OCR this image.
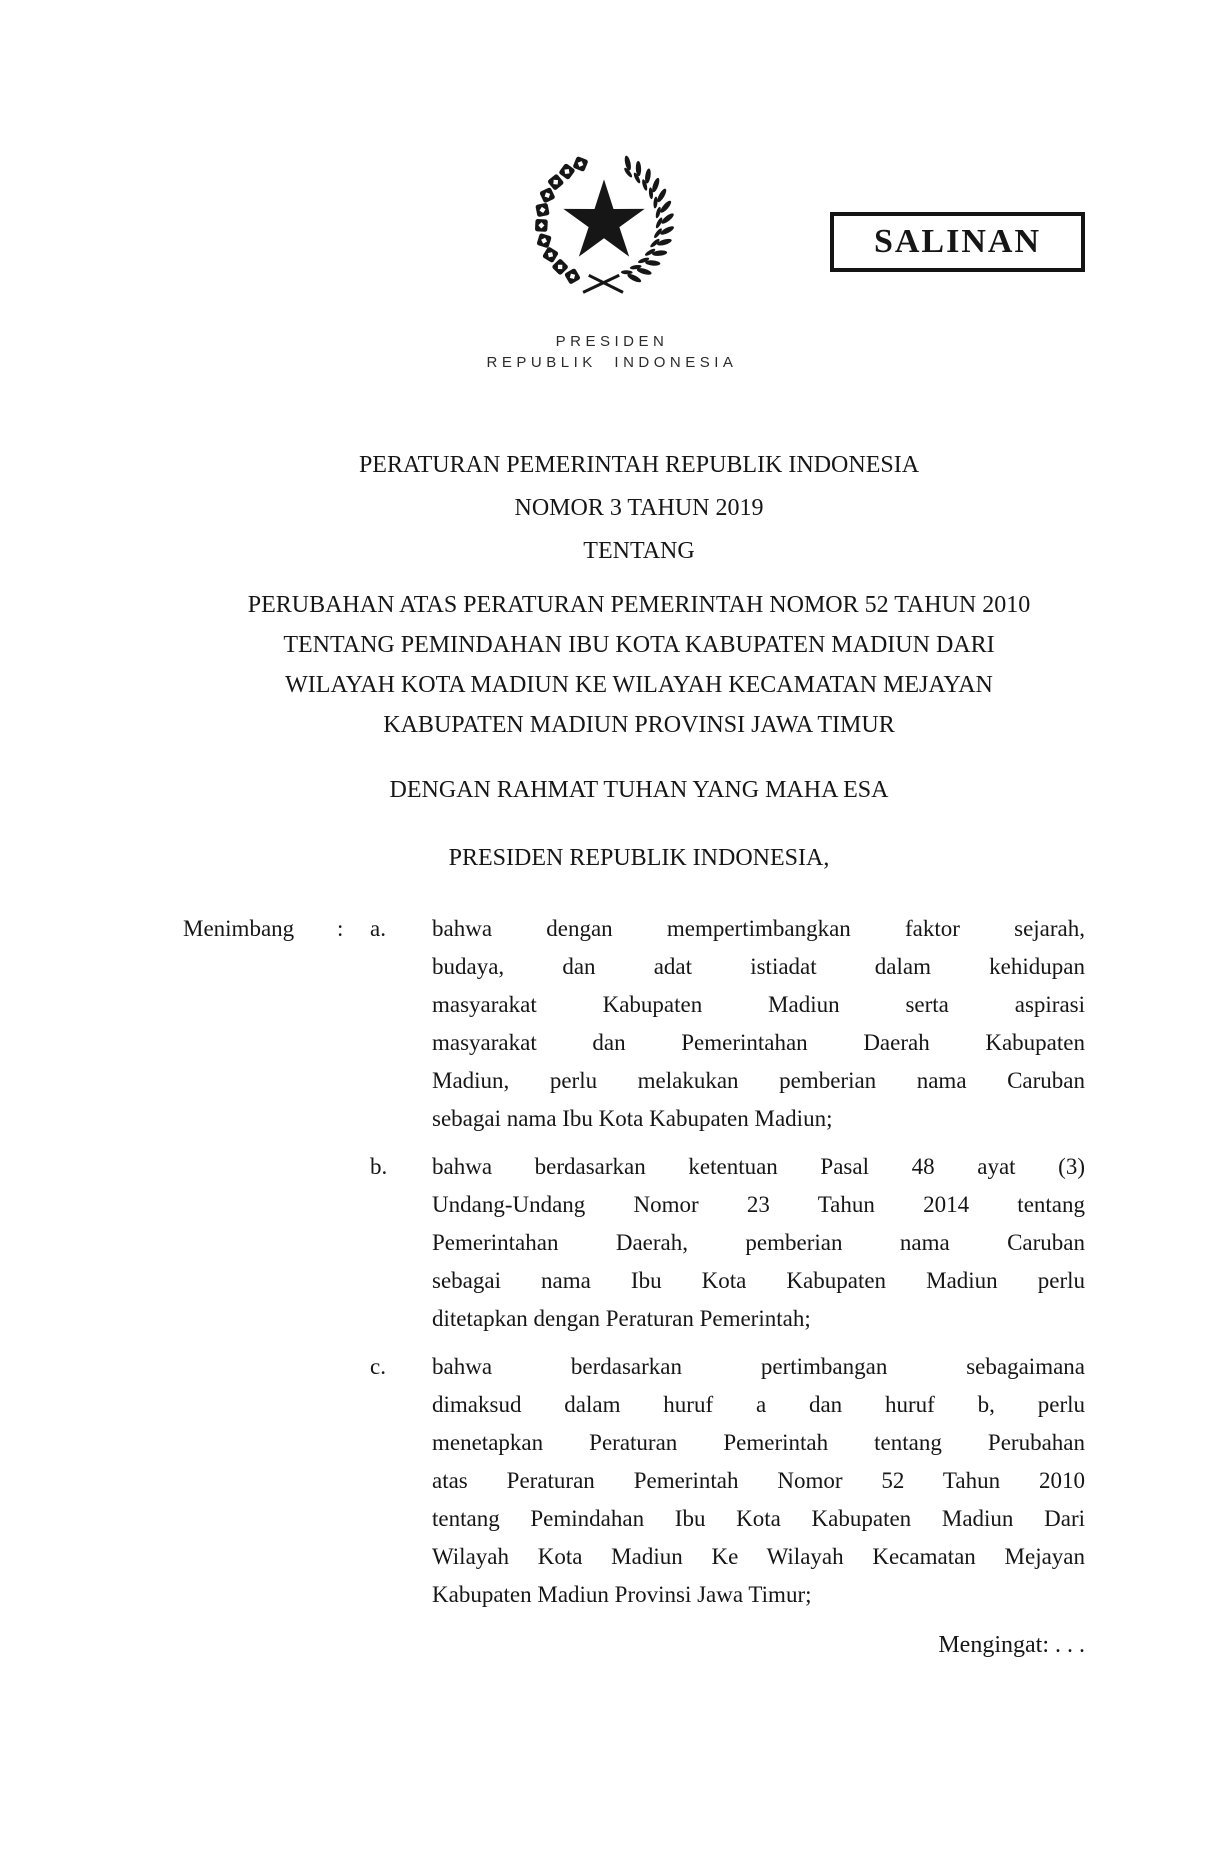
SALINAN
PRESIDEN
REPUBLIK INDONESIA
PERATURAN PEMERINTAH REPUBLIK INDONESIA
NOMOR 3 TAHUN 2019
TENTANG
PERUBAHAN ATAS PERATURAN PEMERINTAH NOMOR 52 TAHUN 2010
TENTANG PEMINDAHAN IBU KOTA KABUPATEN MADIUN DARI
WILAYAH KOTA MADIUN KE WILAYAH KECAMATAN MEJAYAN
KABUPATEN MADIUN PROVINSI JAWA TIMUR
DENGAN RAHMAT TUHAN YANG MAHA ESA
PRESIDEN REPUBLIK INDONESIA,
Menimbang : a. bahwa dengan mempertimbangkan faktor sejarah,
budaya, dan adat istiadat dalam kehidupan
masyarakat Kabupaten Madiun serta aspirasi
masyarakat dan Pemerintahan Daerah Kabupaten
Madiun, perlu melakukan pemberian nama Caruban
sebagai nama Ibu Kota Kabupaten Madiun;
b. bahwa berdasarkan ketentuan Pasal 48 ayat (3)
Undang-Undang Nomor 23 Tahun 2014 tentang
Pemerintahan Daerah, pemberian nama Caruban
sebagai nama Ibu Kota Kabupaten Madiun perlu
ditetapkan dengan Peraturan Pemerintah;
c. bahwa berdasarkan pertimbangan sebagaimana
dimaksud dalam huruf a dan huruf b, perlu
menetapkan Peraturan Pemerintah tentang Perubahan
atas Peraturan Pemerintah Nomor 52 Tahun 2010
tentang Pemindahan Ibu Kota Kabupaten Madiun Dari
Wilayah Kota Madiun Ke Wilayah Kecamatan Mejayan
Kabupaten Madiun Provinsi Jawa Timur;
Mengingat: . . .
